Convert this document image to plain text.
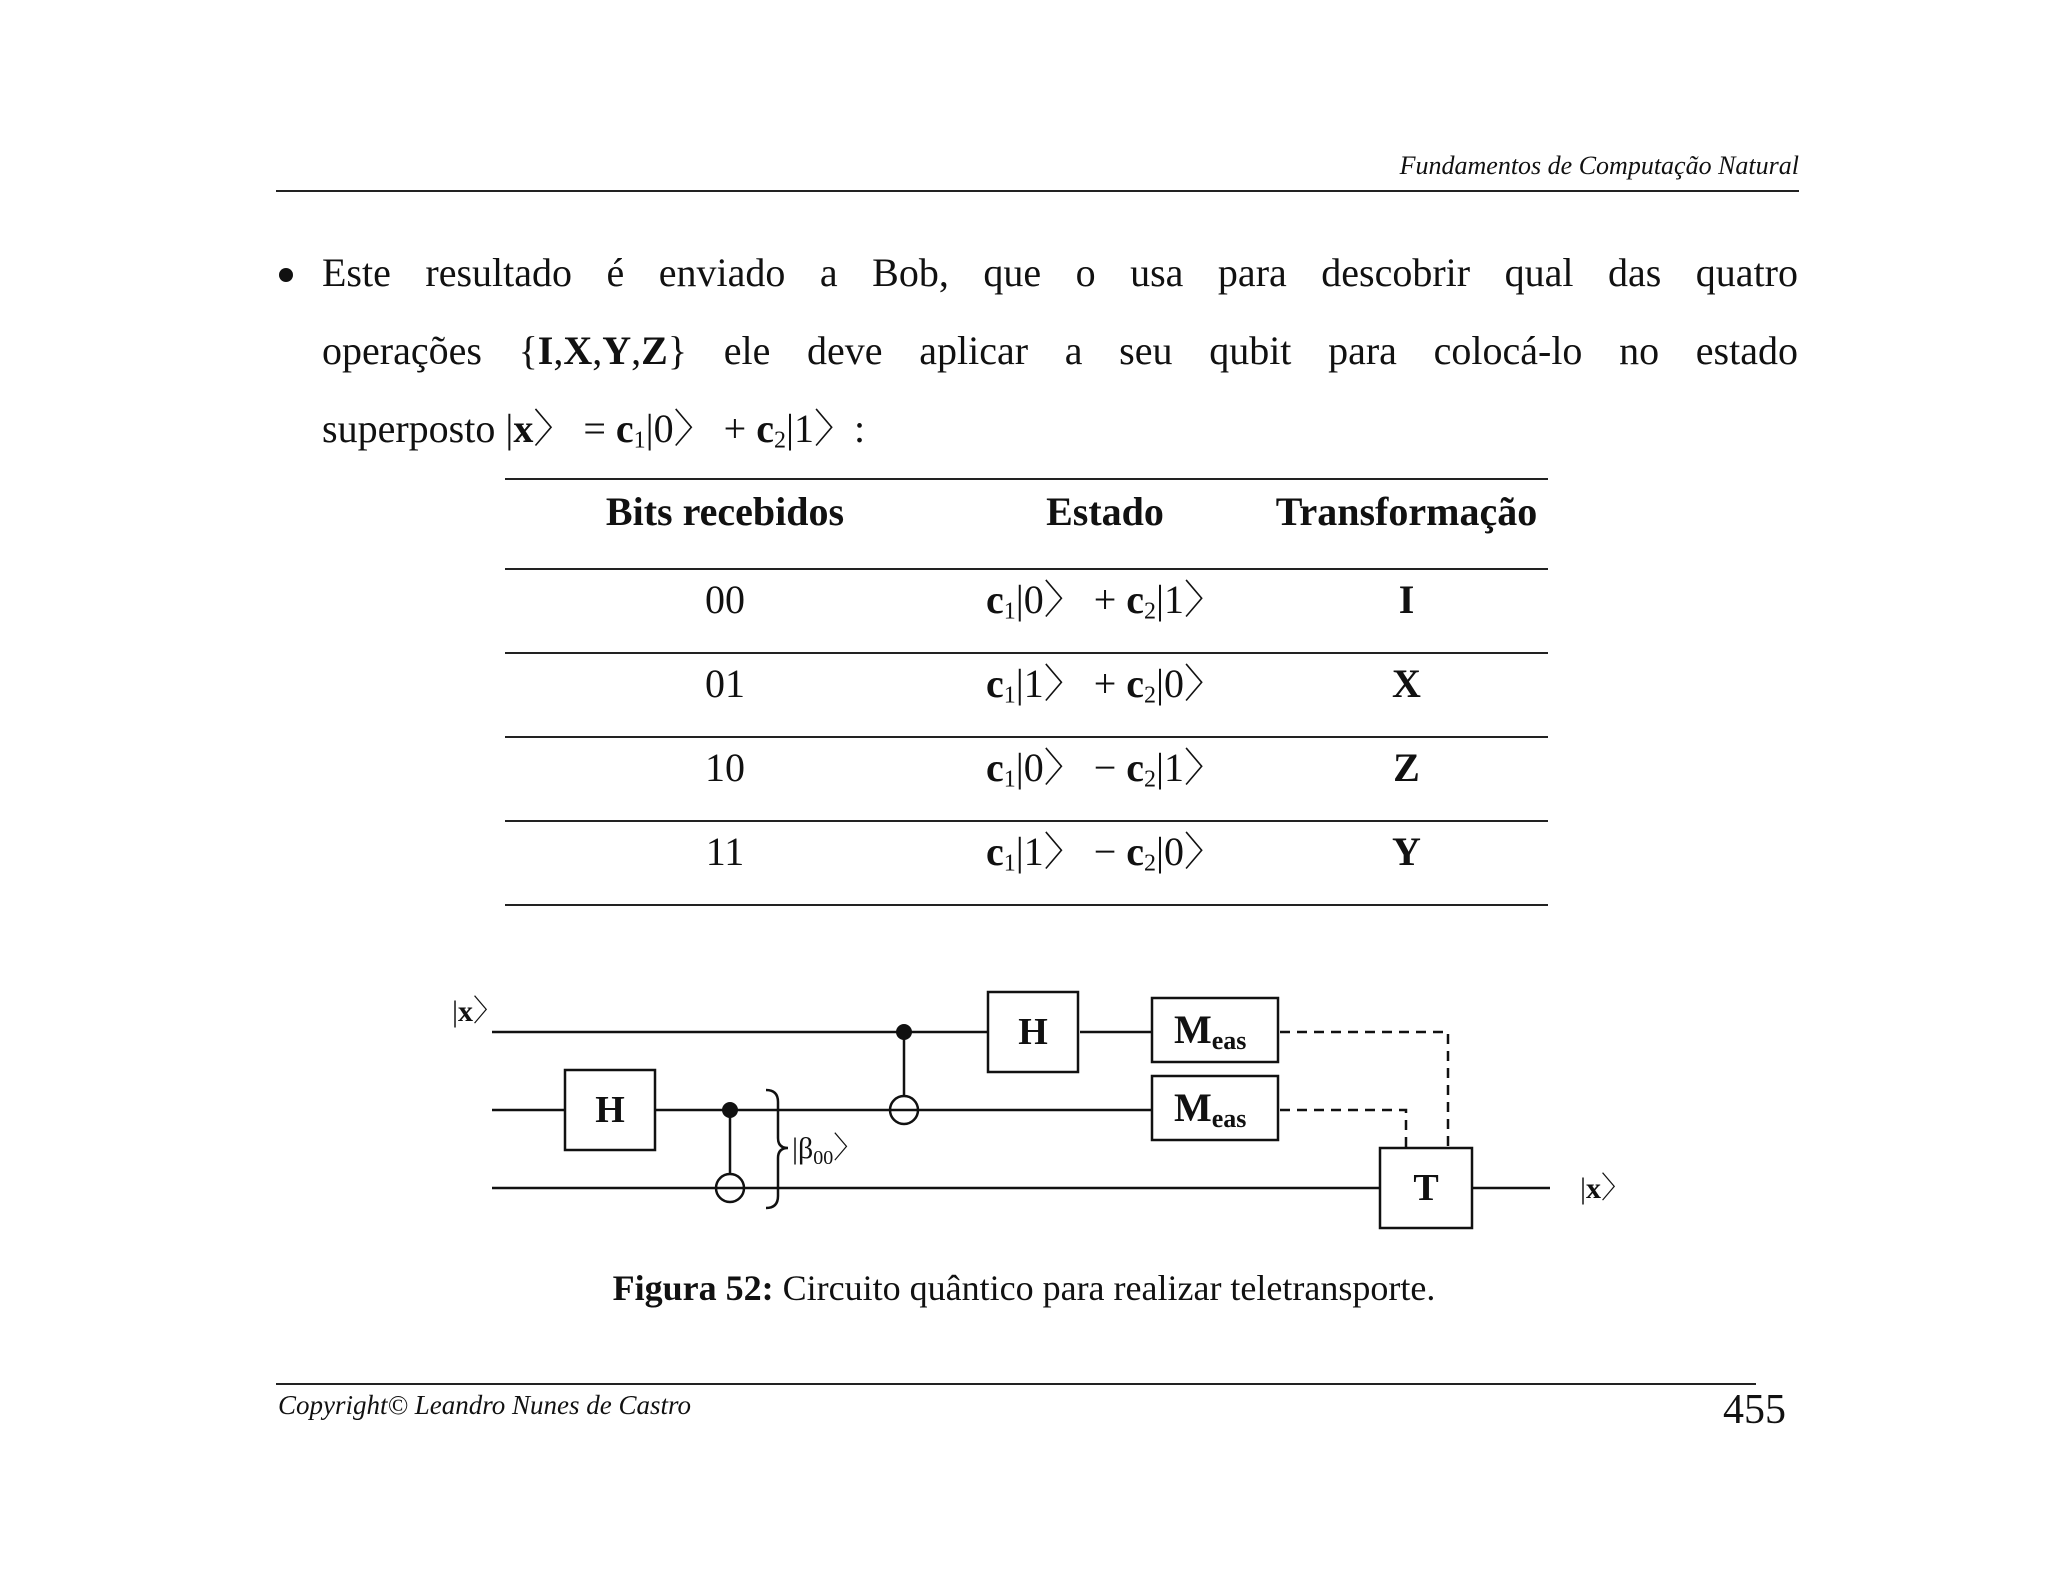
Fundamentos de Computação Natural
Este resultado é enviado a Bob, que o usa para descobrir qual das quatro
operações {I,X,Y,Z} ele deve aplicar a seu qubit para colocá-lo no estado
superposto |x〉 = $c_1|0$〉 + $c_2|1$〉:
Bits recebidos	Estado	Transformação
00	$c_1|0$〉 + $c_2|1$〉	I
01	$c_1|1$〉 + $c_2|0$〉	X
10	$c_1|0$〉 − $c_2|1$〉	Z
11	$c_1|1$〉 − $c_2|0$〉	Y
|x〉
H
H
$|\beta_{00}$〉
Meas
Meas
T	|x〉
Figura 52: Circuito quântico para realizar teletransporte.
Copyright© Leandro Nunes de Castro	455
